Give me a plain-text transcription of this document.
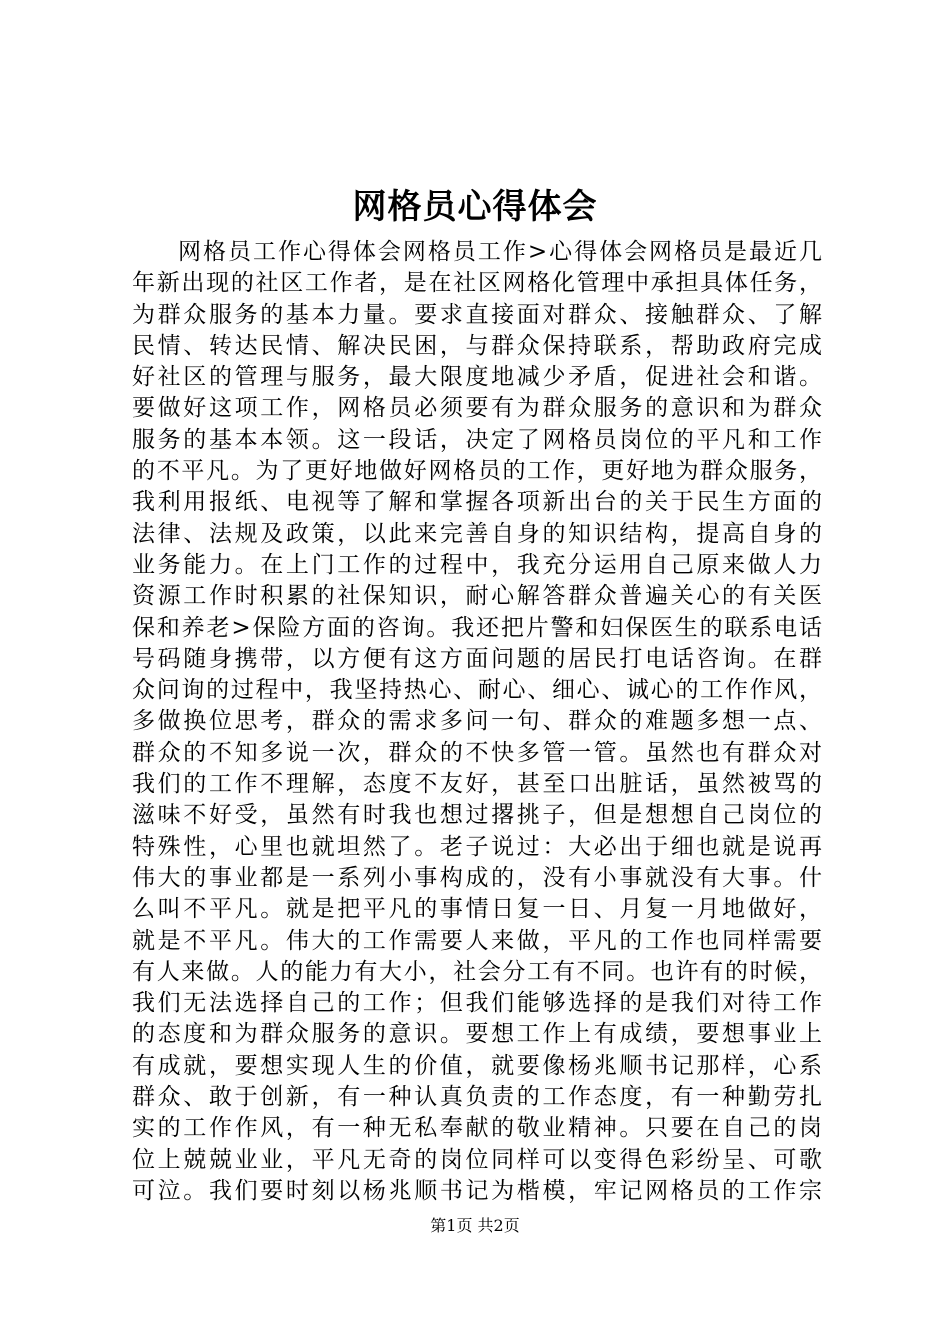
网格员心得体会
网格员工作心得体会网格员工作>心得体会网格员是最近几
年新出现的社区工作者，是在社区网格化管理中承担具体任务，
为群众服务的基本力量。要求直接面对群众、接触群众、了解
民情、转达民情、解决民困，与群众保持联系，帮助政府完成
好社区的管理与服务，最大限度地减少矛盾，促进社会和谐。
要做好这项工作，网格员必须要有为群众服务的意识和为群众
服务的基本本领。这一段话，决定了网格员岗位的平凡和工作
的不平凡。为了更好地做好网格员的工作，更好地为群众服务，
我利用报纸、电视等了解和掌握各项新出台的关于民生方面的
法律、法规及政策，以此来完善自身的知识结构，提高自身的
业务能力。在上门工作的过程中，我充分运用自己原来做人力
资源工作时积累的社保知识，耐心解答群众普遍关心的有关医
保和养老>保险方面的咨询。我还把片警和妇保医生的联系电话
号码随身携带，以方便有这方面问题的居民打电话咨询。在群
众问询的过程中，我坚持热心、耐心、细心、诚心的工作作风，
多做换位思考，群众的需求多问一句、群众的难题多想一点、
群众的不知多说一次，群众的不快多管一管。虽然也有群众对
我们的工作不理解，态度不友好，甚至口出脏话，虽然被骂的
滋味不好受，虽然有时我也想过撂挑子，但是想想自己岗位的
特殊性，心里也就坦然了。老子说过：大必出于细也就是说再
伟大的事业都是一系列小事构成的，没有小事就没有大事。什
么叫不平凡。就是把平凡的事情日复一日、月复一月地做好，
就是不平凡。伟大的工作需要人来做，平凡的工作也同样需要
有人来做。人的能力有大小，社会分工有不同。也许有的时候，
我们无法选择自己的工作；但我们能够选择的是我们对待工作
的态度和为群众服务的意识。要想工作上有成绩，要想事业上
有成就，要想实现人生的价值，就要像杨兆顺书记那样，心系
群众、敢于创新，有一种认真负责的工作态度，有一种勤劳扎
实的工作作风，有一种无私奉献的敬业精神。只要在自己的岗
位上兢兢业业，平凡无奇的岗位同样可以变得色彩纷呈、可歌
可泣。我们要时刻以杨兆顺书记为楷模，牢记网格员的工作宗
第1页 共2页
